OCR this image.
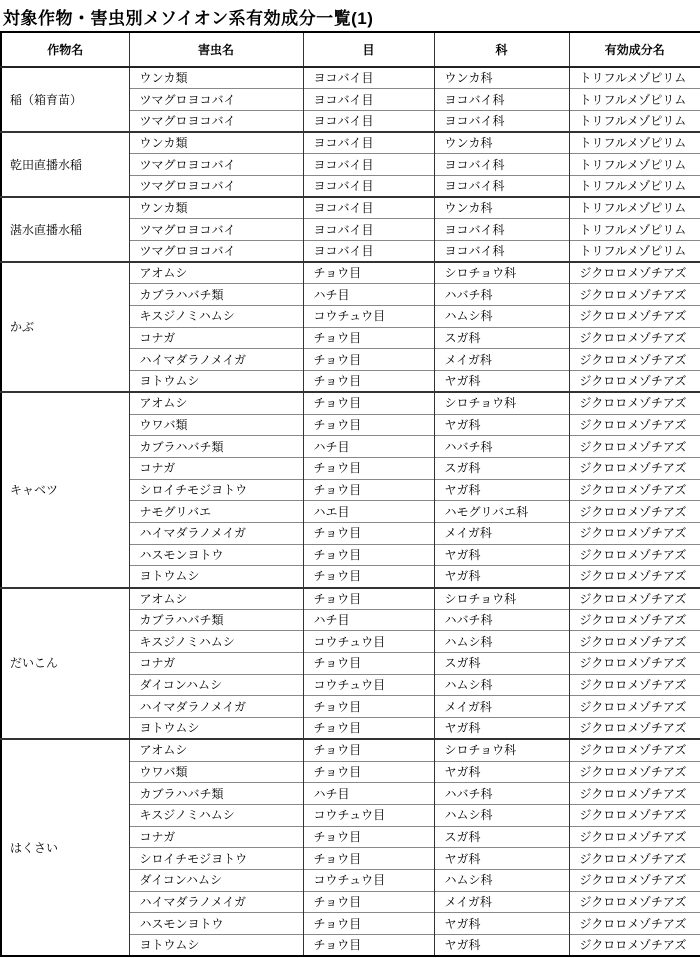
対象作物・害虫別メソイオン系有効成分一覧(1)
作物名	害虫名	目	科	有効成分名
稲（箱育苗）	ウンカ類	ヨコバイ目	ウンカ科	トリフルメゾピリム
	ツマグロヨコバイ	ヨコバイ目	ヨコバイ科	トリフルメゾピリム
	ツマグロヨコバイ	ヨコバイ目	ヨコバイ科	トリフルメゾピリム
乾田直播水稲	ウンカ類	ヨコバイ目	ウンカ科	トリフルメゾピリム
	ツマグロヨコバイ	ヨコバイ目	ヨコバイ科	トリフルメゾピリム
	ツマグロヨコバイ	ヨコバイ目	ヨコバイ科	トリフルメゾピリム
湛水直播水稲	ウンカ類	ヨコバイ目	ウンカ科	トリフルメゾピリム
	ツマグロヨコバイ	ヨコバイ目	ヨコバイ科	トリフルメゾピリム
	ツマグロヨコバイ	ヨコバイ目	ヨコバイ科	トリフルメゾピリム
かぶ	アオムシ	チョウ目	シロチョウ科	ジクロロメゾチアズ
	カブラハバチ類	ハチ目	ハバチ科	ジクロロメゾチアズ
	キスジノミハムシ	コウチュウ目	ハムシ科	ジクロロメゾチアズ
	コナガ	チョウ目	スガ科	ジクロロメゾチアズ
	ハイマダラノメイガ	チョウ目	メイガ科	ジクロロメゾチアズ
	ヨトウムシ	チョウ目	ヤガ科	ジクロロメゾチアズ
キャベツ	アオムシ	チョウ目	シロチョウ科	ジクロロメゾチアズ
	ウワバ類	チョウ目	ヤガ科	ジクロロメゾチアズ
	カブラハバチ類	ハチ目	ハバチ科	ジクロロメゾチアズ
	コナガ	チョウ目	スガ科	ジクロロメゾチアズ
	シロイチモジヨトウ	チョウ目	ヤガ科	ジクロロメゾチアズ
	ナモグリバエ	ハエ目	ハモグリバエ科	ジクロロメゾチアズ
	ハイマダラノメイガ	チョウ目	メイガ科	ジクロロメゾチアズ
	ハスモンヨトウ	チョウ目	ヤガ科	ジクロロメゾチアズ
	ヨトウムシ	チョウ目	ヤガ科	ジクロロメゾチアズ
だいこん	アオムシ	チョウ目	シロチョウ科	ジクロロメゾチアズ
	カブラハバチ類	ハチ目	ハバチ科	ジクロロメゾチアズ
	キスジノミハムシ	コウチュウ目	ハムシ科	ジクロロメゾチアズ
	コナガ	チョウ目	スガ科	ジクロロメゾチアズ
	ダイコンハムシ	コウチュウ目	ハムシ科	ジクロロメゾチアズ
	ハイマダラノメイガ	チョウ目	メイガ科	ジクロロメゾチアズ
	ヨトウムシ	チョウ目	ヤガ科	ジクロロメゾチアズ
はくさい	アオムシ	チョウ目	シロチョウ科	ジクロロメゾチアズ
	ウワバ類	チョウ目	ヤガ科	ジクロロメゾチアズ
	カブラハバチ類	ハチ目	ハバチ科	ジクロロメゾチアズ
	キスジノミハムシ	コウチュウ目	ハムシ科	ジクロロメゾチアズ
	コナガ	チョウ目	スガ科	ジクロロメゾチアズ
	シロイチモジヨトウ	チョウ目	ヤガ科	ジクロロメゾチアズ
	ダイコンハムシ	コウチュウ目	ハムシ科	ジクロロメゾチアズ
	ハイマダラノメイガ	チョウ目	メイガ科	ジクロロメゾチアズ
	ハスモンヨトウ	チョウ目	ヤガ科	ジクロロメゾチアズ
	ヨトウムシ	チョウ目	ヤガ科	ジクロロメゾチアズ
